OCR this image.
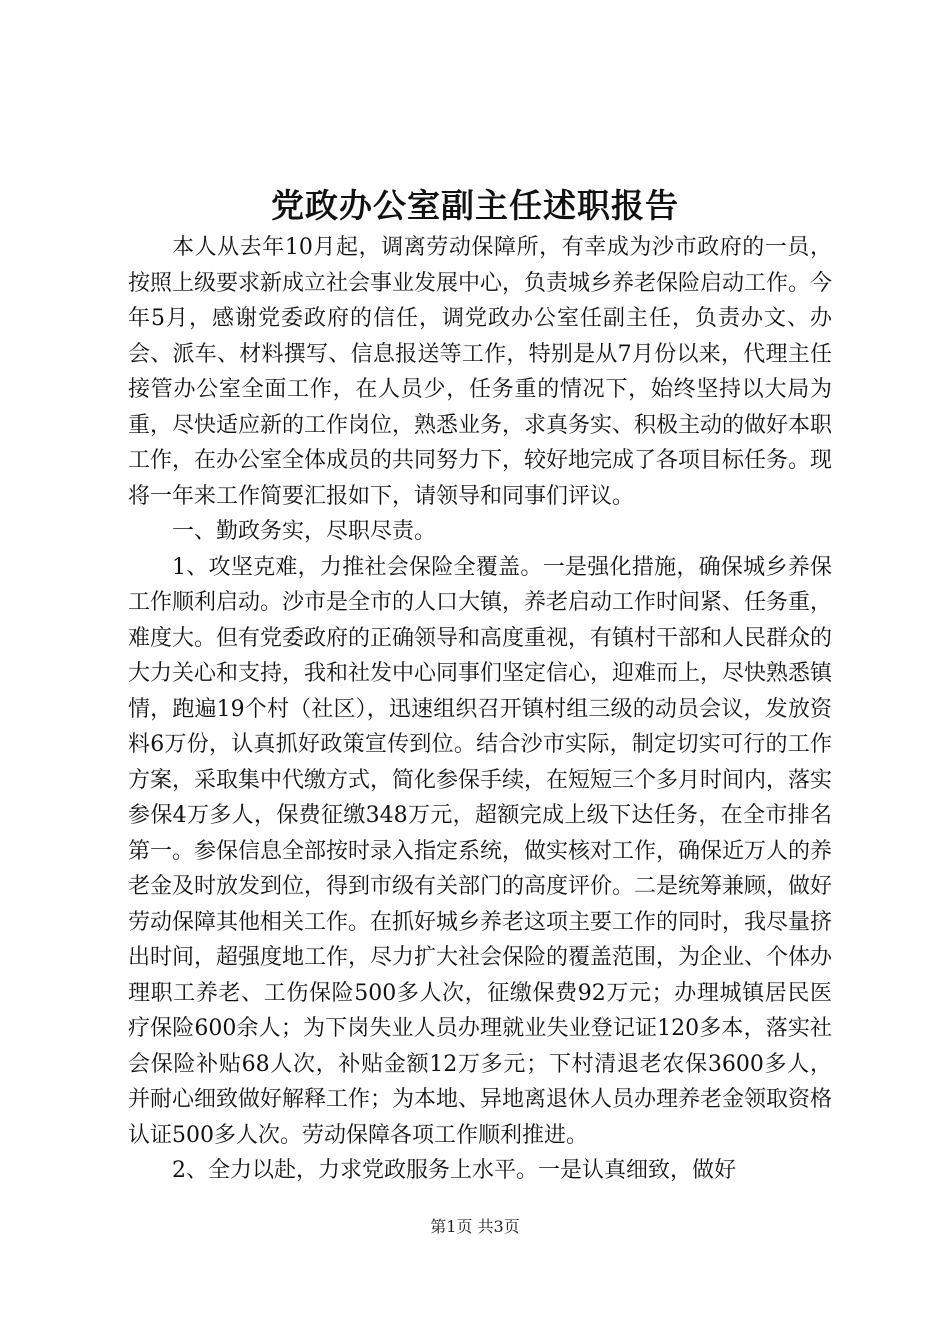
党政办公室副主任述职报告

本人从去年10月起，调离劳动保障所，有幸成为沙市政府的一员，按照上级要求新成立社会事业发展中心，负责城乡养老保险启动工作。今年5月，感谢党委政府的信任，调党政办公室任副主任，负责办文、办会、派车、材料撰写、信息报送等工作，特别是从7月份以来，代理主任接管办公室全面工作，在人员少，任务重的情况下，始终坚持以大局为重，尽快适应新的工作岗位，熟悉业务，求真务实、积极主动的做好本职工作，在办公室全体成员的共同努力下，较好地完成了各项目标任务。现将一年来工作简要汇报如下，请领导和同事们评议。

一、勤政务实，尽职尽责。

1、攻坚克难，力推社会保险全覆盖。一是强化措施，确保城乡养保工作顺利启动。沙市是全市的人口大镇，养老启动工作时间紧、任务重，难度大。但有党委政府的正确领导和高度重视，有镇村干部和人民群众的大力关心和支持，我和社发中心同事们坚定信心，迎难而上，尽快熟悉镇情，跑遍19个村（社区），迅速组织召开镇村组三级的动员会议，发放资料6万份，认真抓好政策宣传到位。结合沙市实际，制定切实可行的工作方案，采取集中代缴方式，简化参保手续，在短短三个多月时间内，落实参保4万多人，保费征缴348万元，超额完成上级下达任务，在全市排名第一。参保信息全部按时录入指定系统，做实核对工作，确保近万人的养老金及时放发到位，得到市级有关部门的高度评价。二是统筹兼顾，做好劳动保障其他相关工作。在抓好城乡养老这项主要工作的同时，我尽量挤出时间，超强度地工作，尽力扩大社会保险的覆盖范围，为企业、个体办理职工养老、工伤保险500多人次，征缴保费92万元；办理城镇居民医疗保险600余人；为下岗失业人员办理就业失业登记证120多本，落实社会保险补贴68人次，补贴金额12万多元；下村清退老农保3600多人，并耐心细致做好解释工作；为本地、异地离退休人员办理养老金领取资格认证500多人次。劳动保障各项工作顺利推进。

2、全力以赴，力求党政服务上水平。一是认真细致，做好

第1页 共3页
